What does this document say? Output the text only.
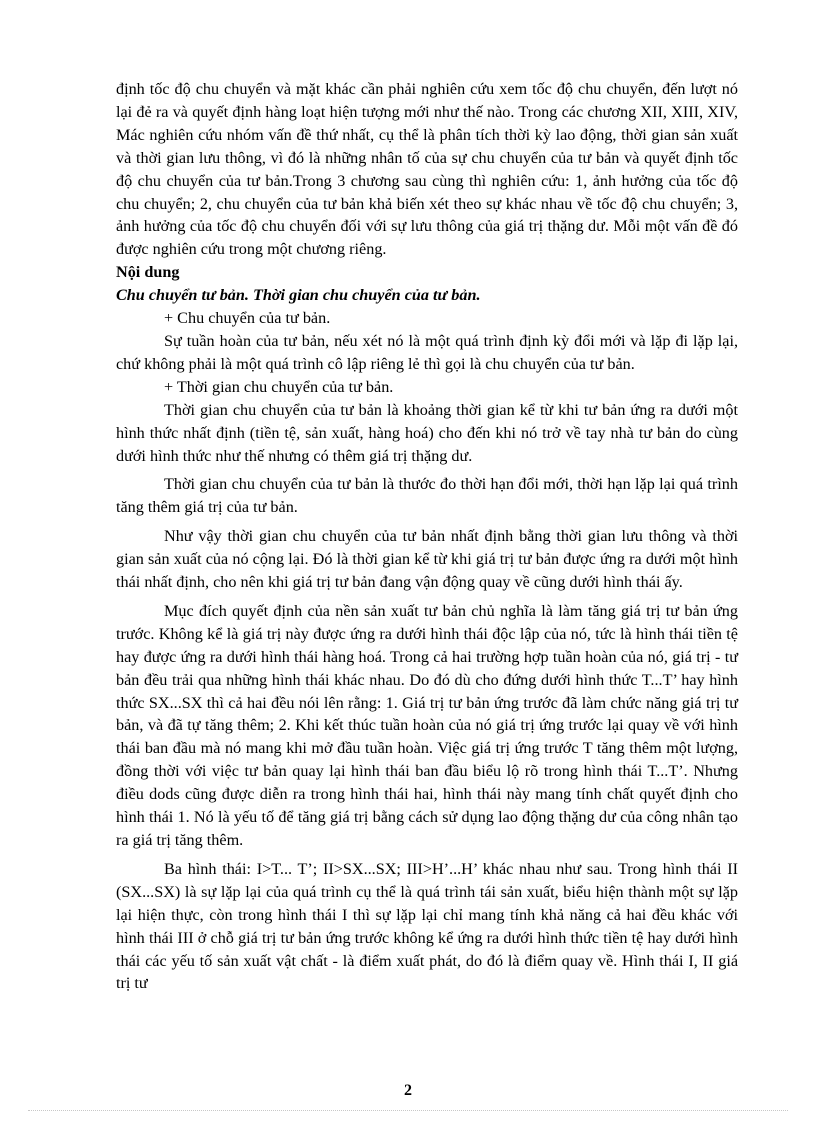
định tốc độ chu chuyển và mặt khác cần phải nghiên cứu xem tốc độ chu chuyển, đến lượt nó lại đẻ ra và quyết định hàng loạt hiện tượng mới như thế nào. Trong các chương XII, XIII, XIV, Mác nghiên cứu nhóm vấn đề thứ nhất, cụ thể là phân tích thời kỳ lao động, thời gian sản xuất và thời gian lưu thông, vì đó là những nhân tố của sự chu chuyển của tư bản và quyết định tốc độ chu chuyển của tư bản.Trong 3 chương sau cùng thì nghiên cứu: 1, ảnh hưởng của tốc độ chu chuyển; 2, chu chuyển của tư bản khả biến xét theo sự khác nhau về tốc độ chu chuyển; 3, ảnh hưởng của tốc độ chu chuyển đối với sự lưu thông của giá trị thặng dư. Mỗi một vấn đề đó được nghiên cứu trong một chương riêng.

Nội dung

Chu chuyển tư bản. Thời gian chu chuyển của tư bản.

+ Chu chuyển của tư bản.

Sự tuần hoàn của tư bản, nếu xét nó là một quá trình định kỳ đổi mới và lặp đi lặp lại, chứ không phải là một quá trình cô lập riêng lẻ thì gọi là chu chuyển của tư bản.

+ Thời gian chu chuyển của tư bản.

Thời gian chu chuyển của tư bản là khoảng thời gian kể từ khi tư bản ứng ra dưới một hình thức nhất định (tiền tệ, sản xuất, hàng hoá) cho đến khi nó trở về tay nhà tư bản do cùng dưới hình thức như thế nhưng có thêm giá trị thặng dư.

Thời gian chu chuyển của tư bản là thước đo thời hạn đổi mới, thời hạn lặp lại quá trình tăng thêm giá trị của tư bản.

Như vậy thời gian chu chuyển của tư bản nhất định bằng thời gian lưu thông và thời gian sản xuất của nó cộng lại. Đó là thời gian kể từ khi giá trị tư bản được ứng ra dưới một hình thái nhất định, cho nên khi giá trị tư bản đang vận động quay về cũng dưới hình thái ấy.

Mục đích quyết định của nền sản xuất tư bản chủ nghĩa là làm tăng giá trị tư bản ứng trước. Không kể là giá trị này được ứng ra dưới hình thái độc lập của nó, tức là hình thái tiền tệ hay được ứng ra dưới hình thái hàng hoá. Trong cả hai trường hợp tuần hoàn của nó, giá trị - tư bản đều trải qua những hình thái khác nhau. Do đó dù cho đứng dưới hình thức T...T’ hay hình thức SX...SX thì cả hai đều nói lên rằng: 1. Giá trị tư bản ứng trước đã làm chức năng giá trị tư bản, và đã tự tăng thêm; 2. Khi kết thúc tuần hoàn của nó giá trị ứng trước lại quay về với hình thái ban đầu mà nó mang khi mở đầu tuần hoàn. Việc giá trị ứng trước T tăng thêm một lượng, đồng thời với việc tư bản quay lại hình thái ban đầu biểu lộ rõ trong hình thái T...T’. Nhưng điều dods cũng được diễn ra trong hình thái hai, hình thái này mang tính chất quyết định cho hình thái 1. Nó là yếu tố để tăng giá trị bằng cách sử dụng lao động thặng dư của công nhân tạo ra giá trị tăng thêm.

Ba hình thái: I>T... T’; II>SX...SX; III>H’...H’ khác nhau như sau. Trong hình thái II (SX...SX) là sự lặp lại của quá trình cụ thể là quá trình tái sản xuất, biểu hiện thành một sự lặp lại hiện thực, còn trong hình thái I thì sự lặp lại chỉ mang tính khả năng cả hai đều khác với hình thái III ở chỗ giá trị tư bản ứng trước không kể ứng ra dưới hình thức tiền tệ hay dưới hình thái các yếu tố sản xuất vật chất - là điểm xuất phát, do đó là điểm quay về. Hình thái I, II giá trị tư

2
